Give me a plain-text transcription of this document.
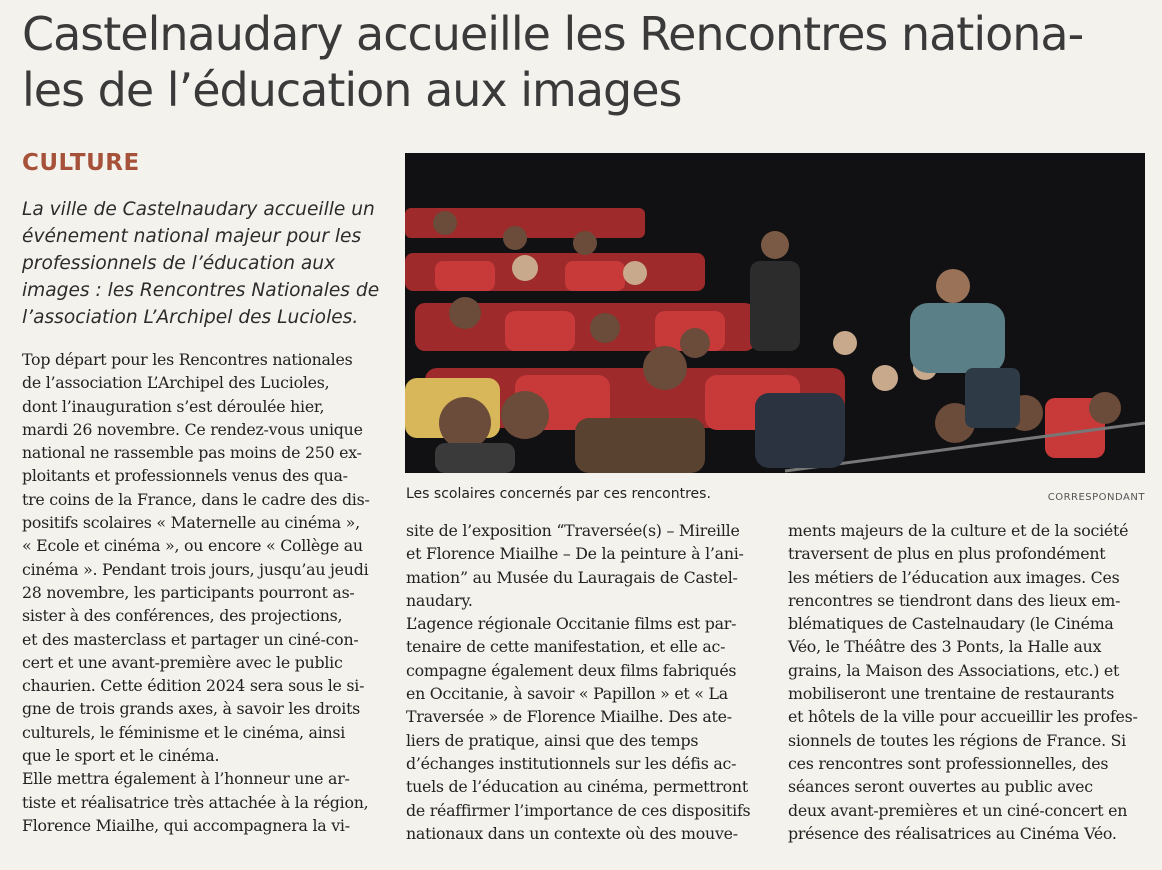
Castelnaudary accueille les Rencontres nationa-
les de l’éducation aux images
CULTURE
La ville de Castelnaudary accueille un
événement national majeur pour les
professionnels de l’éducation aux
images : les Rencontres Nationales de
l’association L’Archipel des Lucioles.
Les scolaires concernés par ces rencontres.	CORRESPONDANT
Top départ pour les Rencontres nationales
de l’association L’Archipel des Lucioles,
dont l’inauguration s’est déroulée hier,
mardi 26 novembre. Ce rendez-vous unique
national ne rassemble pas moins de 250 ex-
ploitants et professionnels venus des qua-
tre coins de la France, dans le cadre des dis-
positifs scolaires « Maternelle au cinéma »,
« Ecole et cinéma », ou encore « Collège au
cinéma ». Pendant trois jours, jusqu’au jeudi
28 novembre, les participants pourront as-
sister à des conférences, des projections,
et des masterclass et partager un ciné-con-
cert et une avant-première avec le public
chaurien. Cette édition 2024 sera sous le si-
gne de trois grands axes, à savoir les droits
culturels, le féminisme et le cinéma, ainsi
que le sport et le cinéma.
Elle mettra également à l’honneur une ar-
tiste et réalisatrice très attachée à la région,
Florence Miailhe, qui accompagnera la vi-
site de l’exposition “Traversée(s) – Mireille
et Florence Miailhe – De la peinture à l’ani-
mation” au Musée du Lauragais de Castel-
naudary.
L’agence régionale Occitanie films est par-
tenaire de cette manifestation, et elle ac-
compagne également deux films fabriqués
en Occitanie, à savoir « Papillon » et « La
Traversée » de Florence Miailhe. Des ate-
liers de pratique, ainsi que des temps
d’échanges institutionnels sur les défis ac-
tuels de l’éducation au cinéma, permettront
de réaffirmer l’importance de ces dispositifs
nationaux dans un contexte où des mouve-
ments majeurs de la culture et de la société
traversent de plus en plus profondément
les métiers de l’éducation aux images. Ces
rencontres se tiendront dans des lieux em-
blématiques de Castelnaudary (le Cinéma
Véo, le Théâtre des 3 Ponts, la Halle aux
grains, la Maison des Associations, etc.) et
mobiliseront une trentaine de restaurants
et hôtels de la ville pour accueillir les profes-
sionnels de toutes les régions de France. Si
ces rencontres sont professionnelles, des
séances seront ouvertes au public avec
deux avant-premières et un ciné-concert en
présence des réalisatrices au Cinéma Véo.
